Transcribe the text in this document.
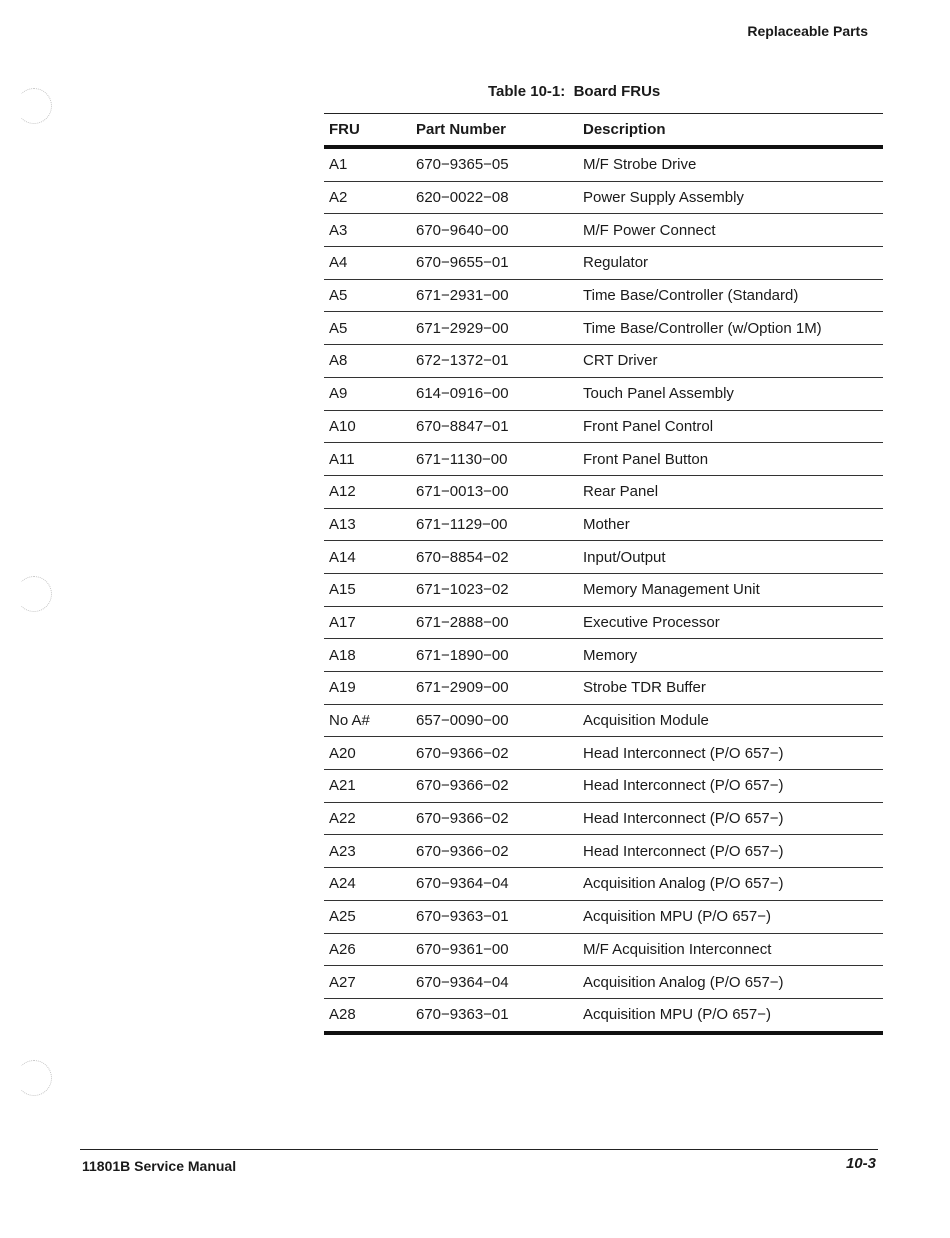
Replaceable Parts
Table 10-1:  Board FRUs
FRU	Part Number	Description
A1	670−9365−05	M/F Strobe Drive
A2	620−0022−08	Power Supply Assembly
A3	670−9640−00	M/F Power Connect
A4	670−9655−01	Regulator
A5	671−2931−00	Time Base/Controller (Standard)
A5	671−2929−00	Time Base/Controller (w/Option 1M)
A8	672−1372−01	CRT Driver
A9	614−0916−00	Touch Panel Assembly
A10	670−8847−01	Front Panel Control
A11	671−1130−00	Front Panel Button
A12	671−0013−00	Rear Panel
A13	671−1129−00	Mother
A14	670−8854−02	Input/Output
A15	671−1023−02	Memory Management Unit
A17	671−2888−00	Executive Processor
A18	671−1890−00	Memory
A19	671−2909−00	Strobe TDR Buffer
No A#	657−0090−00	Acquisition Module
A20	670−9366−02	Head Interconnect (P/O 657−)
A21	670−9366−02	Head Interconnect (P/O 657−)
A22	670−9366−02	Head Interconnect (P/O 657−)
A23	670−9366−02	Head Interconnect (P/O 657−)
A24	670−9364−04	Acquisition Analog (P/O 657−)
A25	670−9363−01	Acquisition MPU (P/O 657−)
A26	670−9361−00	M/F Acquisition Interconnect
A27	670−9364−04	Acquisition Analog (P/O 657−)
A28	670−9363−01	Acquisition MPU (P/O 657−)
11801B Service Manual	10-3
